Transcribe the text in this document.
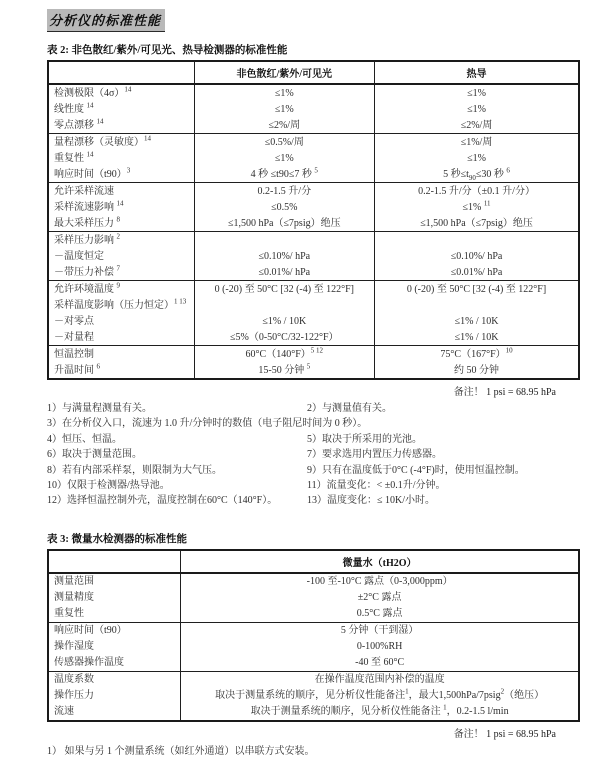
分析仪的标准性能
表 2: 非色散红/紫外/可见光、热导检测器的标准性能
	非色散红/紫外/可见光	热导
检测极限$(4\sigma)^{14}$	≤1%	≤1%
线性度 $^{14}$	≤1%	≤1%
零点漂移 $^{14}$	≤2%/周	≤2%/周
量程漂移（灵敏度）$^{14}$	≤0.5%/周	≤1%/周
重复性 $^{14}$	≤1%	≤1%
响应时间$(t90)^3$	4 秒 ≤t90≤7 秒 $^5$	5 秒$\le t_{90}\le 30$ 秒 $^6$
允许采样流速	0.2-1.5 升/分	0.2-1.5 升/分（±0.1 升/分）
采样流速影响 $^{14}$	≤0.5%	≤1% $^{11}$
最大采样压力 $^8$	≤1,500 hPa（≤7psig）绝压	≤1,500 hPa（≤7psig）绝压
采样压力影响 $^2$		
－温度恒定	≤0.10%/ hPa	≤0.10%/ hPa
－带压力补偿 $^7$	≤0.01%/ hPa	≤0.01%/ hPa
允许环境温度 $^9$	0 (-20) 至 50°C [32 (-4) 至 122°F]	0 (-20) 至 50°C [32 (-4) 至 122°F]
采样温度影响（压力恒定）$^{1 13}$		
－对零点	≤1% / 10K	≤1% / 10K
－对量程	≤5%（0-50°C/32-122°F）	≤1% / 10K
恒温控制	$60^\circ C(140^\circ F)^{5 12}$	$75^\circ C(167^\circ F)^{10}$
升温时间 $^6$	15-50 分钟 $^5$	约 50 分钟
备注！ 1 psi = 68.95 hPa
1）与满量程测量有关。	2）与测量值有关。
3）在分析仪入口，流速为 1.0 升/分钟时的数值（电子阻尼时间为 0 秒）。
4）恒压、恒温。	5）取决于所采用的光池。
6）取决于测量范围。	7）要求选用内置压力传感器。
8）若有内部采样泵，则限制为大气压。	9）只有在温度低于0°C (-4°F)时，使用恒温控制。
10）仅限于检测器/热导池。	11）流量变化：< ±0.1升/分钟。
12）选择恒温控制外壳，温度控制在60°C（140°F）。	13）温度变化：≤ 10K/小时。
表 3: 微量水检测器的标准性能
	微量水（tH2O）
测量范围	-100 至-10°C 露点（0-3,000ppm）
测量精度	±2°C 露点
重复性	0.5°C 露点
响应时间（t90）	5 分钟（干到湿）
操作湿度	0-100%RH
传感器操作温度	-40 至 60°C
温度系数	在操作温度范围内补偿的温度
操作压力	取决于测量系统的顺序，见分析仪性能备注$^1$，最大1,500hPa/7psig$^2$（绝压）
流速	取决于测量系统的顺序，见分析仪性能备注 $^1$，0.2-1.5 l/min
备注！ 1 psi = 68.95 hPa
1） 如果与另 1 个测量系统（如红外通道）以串联方式安装。
